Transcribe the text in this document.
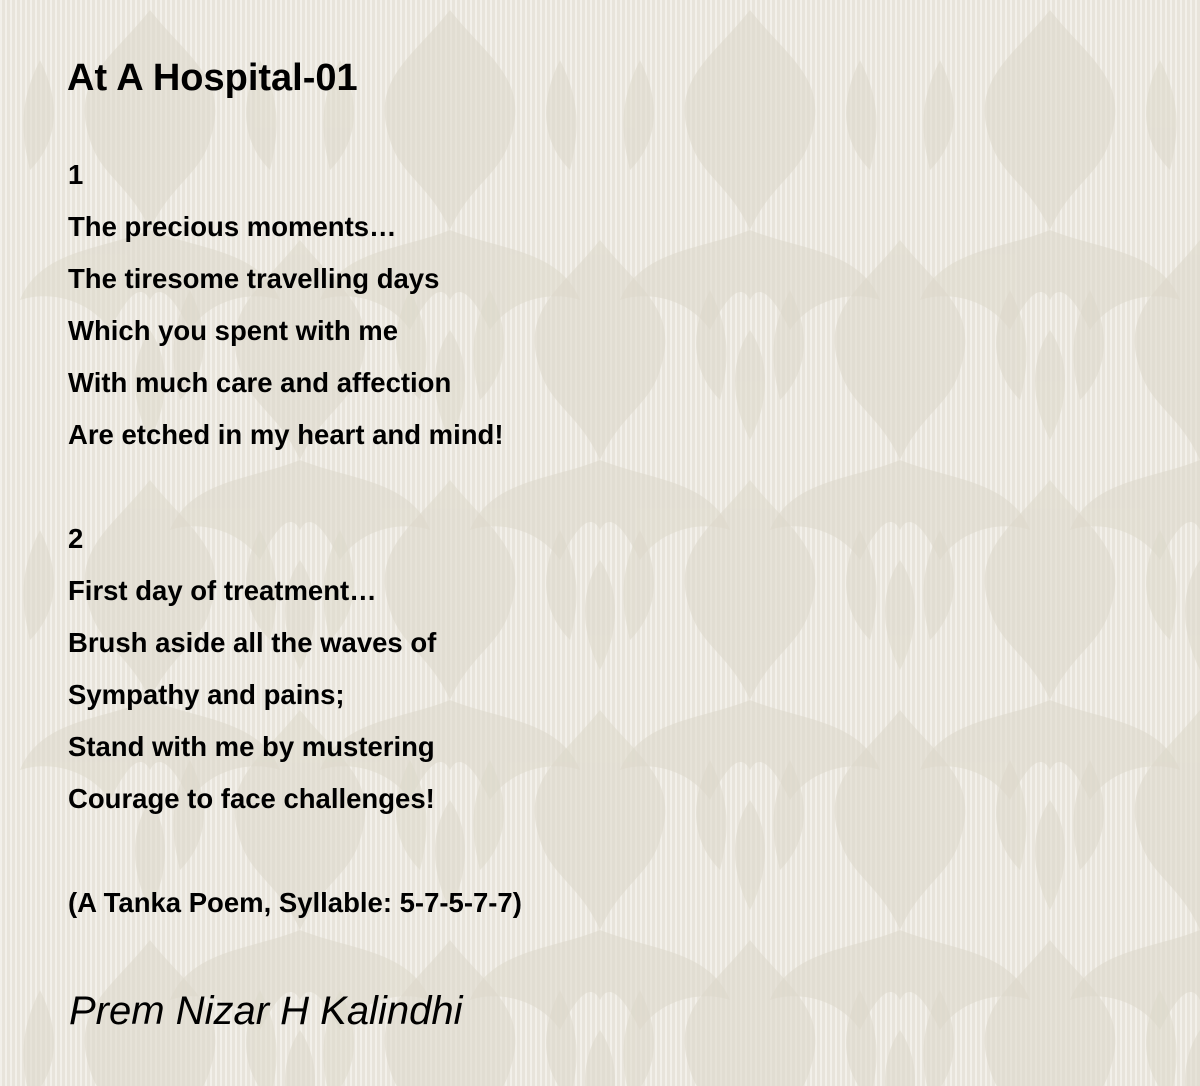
At A Hospital-01

1

The precious moments…

The tiresome travelling days

Which you spent with me

With much care and affection

Are etched in my heart and mind!

2

First day of treatment…

Brush aside all the waves of

Sympathy and pains;

Stand with me by mustering

Courage to face challenges!

(A Tanka Poem, Syllable: 5-7-5-7-7)

Prem Nizar H Kalindhi
